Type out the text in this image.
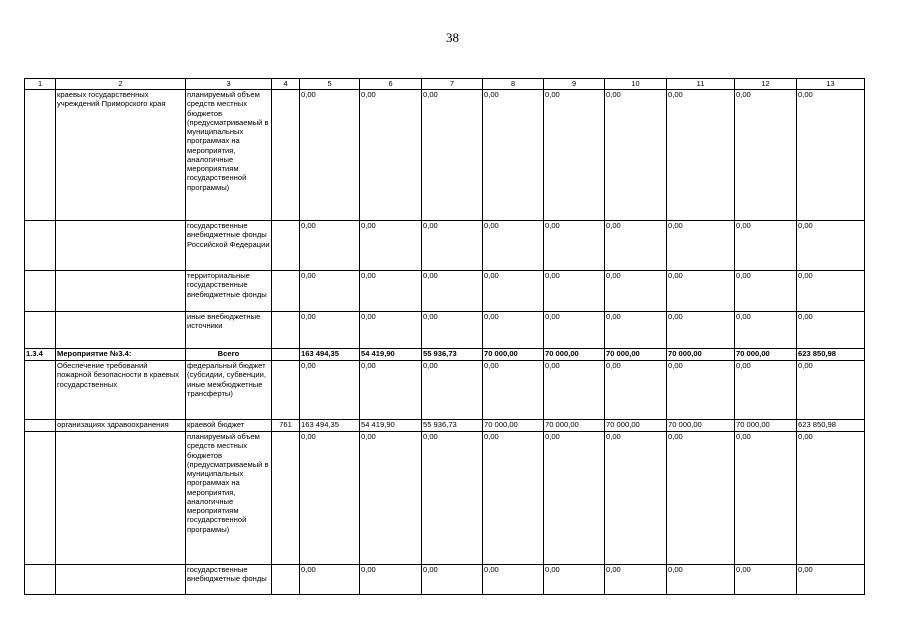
38
1	2	3	4	5	6	7	8	9	10	11	12	13
	краевых государственных учреждений Приморского края	планируемый объем средств местных бюджетов (предусматриваемый в муниципальных программах на мероприятия, аналогичные мероприятиям государственной программы)		0,00	0,00	0,00	0,00	0,00	0,00	0,00	0,00	0,00
		государственные внебюджетные фонды Российской Федерации		0,00	0,00	0,00	0,00	0,00	0,00	0,00	0,00	0,00
		территориальные государственные внебюджетные фонды		0,00	0,00	0,00	0,00	0,00	0,00	0,00	0,00	0,00
		иные внебюджетные источники		0,00	0,00	0,00	0,00	0,00	0,00	0,00	0,00	0,00
1.3.4	Мероприятие №3.4:	Всего		163 494,35	54 419,90	55 936,73	70 000,00	70 000,00	70 000,00	70 000,00	70 000,00	623 850,98
	Обеспечение требований пожарной безопасности в краевых государственных	федеральный бюджет (субсидии, субвенции, иные межбюджетные трансферты)		0,00	0,00	0,00	0,00	0,00	0,00	0,00	0,00	0,00
	организациях здравоохранения	краевой бюджет	761	163 494,35	54 419,90	55 936,73	70 000,00	70 000,00	70 000,00	70 000,00	70 000,00	623 850,98
		планируемый объем средств местных бюджетов (предусматриваемый в муниципальных программах на мероприятия, аналогичные мероприятиям государственной программы)		0,00	0,00	0,00	0,00	0,00	0,00	0,00	0,00	0,00
		государственные внебюджетные фонды		0,00	0,00	0,00	0,00	0,00	0,00	0,00	0,00	0,00
